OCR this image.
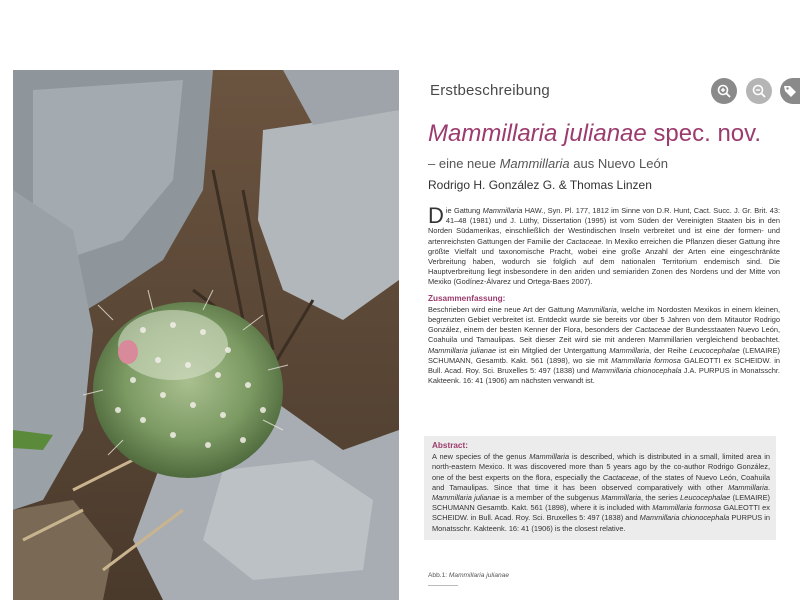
Erstbeschreibung
Mammillaria julianae spec. nov.
– eine neue Mammillaria aus Nuevo León
Rodrigo H. González G. & Thomas Linzen
Die Gattung Mammillaria HAW., Syn. Pl. 177, 1812 im Sinne von D.R. Hunt, Cact. Succ. J. Gr. Brit. 43: 41–48 (1981) und J. Lüthy, Dissertation (1995) ist vom Süden der Vereinigten Staaten bis in den Norden Südamerikas, einschließlich der Westindischen Inseln verbreitet und ist eine der formen- und artenreichsten Gattungen der Familie der Cactaceae. In Mexiko erreichen die Pflanzen dieser Gattung ihre größte Vielfalt und taxonomische Pracht, wobei eine große Anzahl der Arten eine eingeschränkte Verbreitung haben, wodurch sie folglich auf dem nationalen Territorium endemisch sind. Die Hauptverbreitung liegt insbesondere in den ariden und semiariden Zonen des Nordens und der Mitte von Mexiko (Godínez-Álvarez und Ortega-Baes 2007).
Zusammenfassung:
Beschrieben wird eine neue Art der Gattung Mammillaria, welche im Nordosten Mexikos in einem kleinen, begrenzten Gebiet verbreitet ist. Entdeckt wurde sie bereits vor über 5 Jahren von dem Mitautor Rodrigo González, einem der besten Kenner der Flora, besonders der Cactaceae der Bundesstaaten Nuevo León, Coahuila und Tamaulipas. Seit dieser Zeit wird sie mit anderen Mammillarien vergleichend beobachtet. Mammillaria julianae ist ein Mitglied der Untergattung Mammillaria, der Reihe Leucocephalae (LEMAIRE) SCHUMANN, Gesamtb. Kakt. 561 (1898), wo sie mit Mammillaria formosa GALEOTTI ex SCHEIDW. in Bull. Acad. Roy. Sci. Bruxelles 5: 497 (1838) und Mammillaria chionocephala J.A. PURPUS in Monatsschr. Kakteenk. 16: 41 (1906) am nächsten verwandt ist.
Abstract:
A new species of the genus Mammillaria is described, which is distributed in a small, limited area in north-eastern Mexico. It was discovered more than 5 years ago by the co-author Rodrigo González, one of the best experts on the flora, especially the Cactaceae, of the states of Nuevo León, Coahuila and Tamaulipas. Since that time it has been observed comparatively with other Mammillaria. Mammillaria julianae is a member of the subgenus Mammillaria, the series Leucocephalae (LEMAIRE) SCHUMANN Gesamtb. Kakt. 561 (1898), where it is included with Mammillaria formosa GALEOTTI ex SCHEIDW. in Bull. Acad. Roy. Sci. Bruxelles 5: 497 (1838) and Mammillaria chionocephala PURPUS in Monatsschr. Kakteenk. 16: 41 (1906) is the closest relative.
Abb.1: Mammillaria julianae
